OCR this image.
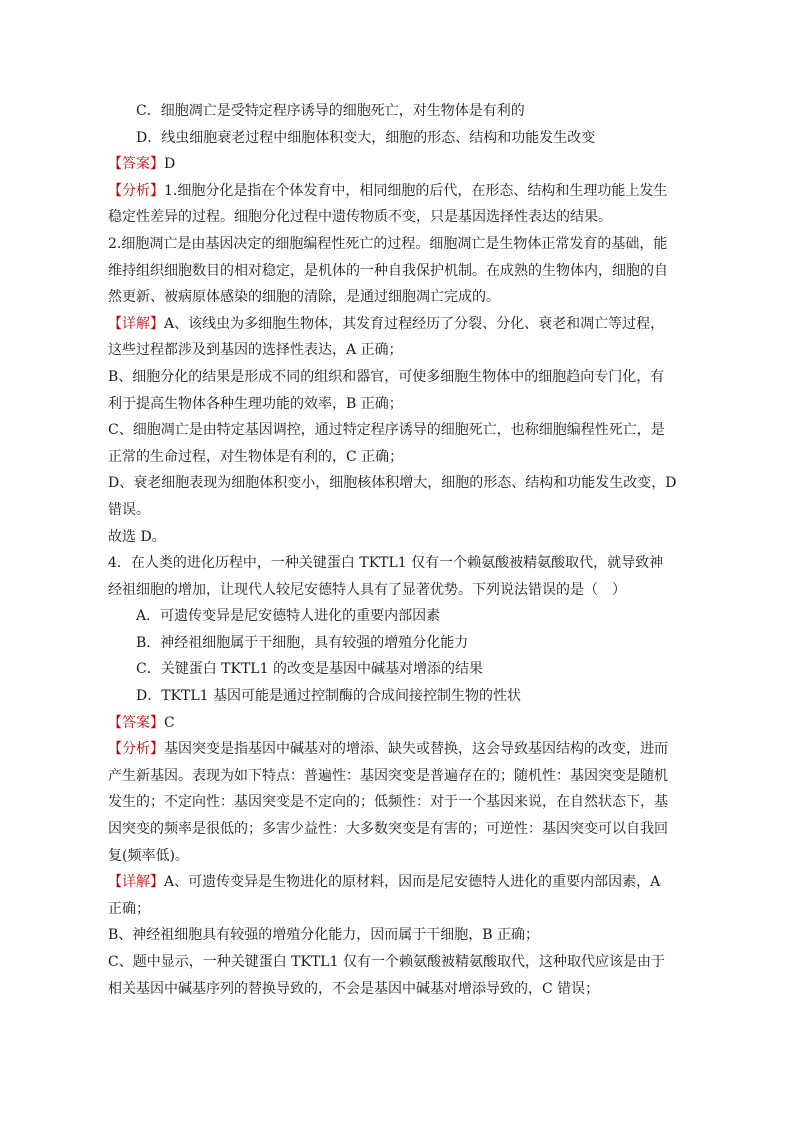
C．细胞凋亡是受特定程序诱导的细胞死亡，对生物体是有利的
D．线虫细胞衰老过程中细胞体积变大，细胞的形态、结构和功能发生改变
【答案】D
【分析】1.细胞分化是指在个体发育中，相同细胞的后代，在形态、结构和生理功能上发生
稳定性差异的过程。细胞分化过程中遗传物质不变，只是基因选择性表达的结果。
2.细胞凋亡是由基因决定的细胞编程性死亡的过程。细胞凋亡是生物体正常发育的基础，能
维持组织细胞数目的相对稳定，是机体的一种自我保护机制。在成熟的生物体内，细胞的自
然更新、被病原体感染的细胞的清除，是通过细胞凋亡完成的。
【详解】A、该线虫为多细胞生物体，其发育过程经历了分裂、分化、衰老和凋亡等过程，
这些过程都涉及到基因的选择性表达，A 正确；
B、细胞分化的结果是形成不同的组织和器官，可使多细胞生物体中的细胞趋向专门化，有
利于提高生物体各种生理功能的效率，B 正确；
C、细胞凋亡是由特定基因调控，通过特定程序诱导的细胞死亡，也称细胞编程性死亡，是
正常的生命过程，对生物体是有利的，C 正确；
D、衰老细胞表现为细胞体积变小，细胞核体积增大，细胞的形态、结构和功能发生改变，D
错误。
故选 D。
4．在人类的进化历程中，一种关键蛋白 TKTL1 仅有一个赖氨酸被精氨酸取代，就导致神
经祖细胞的增加，让现代人较尼安德特人具有了显著优势。下列说法错误的是（　）
A．可遗传变异是尼安德特人进化的重要内部因素
B．神经祖细胞属于干细胞，具有较强的增殖分化能力
C．关键蛋白 TKTL1 的改变是基因中碱基对增添的结果
D．TKTL1 基因可能是通过控制酶的合成间接控制生物的性状
【答案】C
【分析】基因突变是指基因中碱基对的增添、缺失或替换，这会导致基因结构的改变，进而
产生新基因。表现为如下特点：普遍性：基因突变是普遍存在的；随机性：基因突变是随机
发生的；不定向性：基因突变是不定向的；低频性：对于一个基因来说，在自然状态下，基
因突变的频率是很低的；多害少益性：大多数突变是有害的；可逆性：基因突变可以自我回
复(频率低)。
【详解】A、可遗传变异是生物进化的原材料，因而是尼安德特人进化的重要内部因素，A
正确；
B、神经祖细胞具有较强的增殖分化能力，因而属于干细胞，B 正确；
C、题中显示，一种关键蛋白 TKTL1 仅有一个赖氨酸被精氨酸取代，这种取代应该是由于
相关基因中碱基序列的替换导致的，不会是基因中碱基对增添导致的，C 错误；
